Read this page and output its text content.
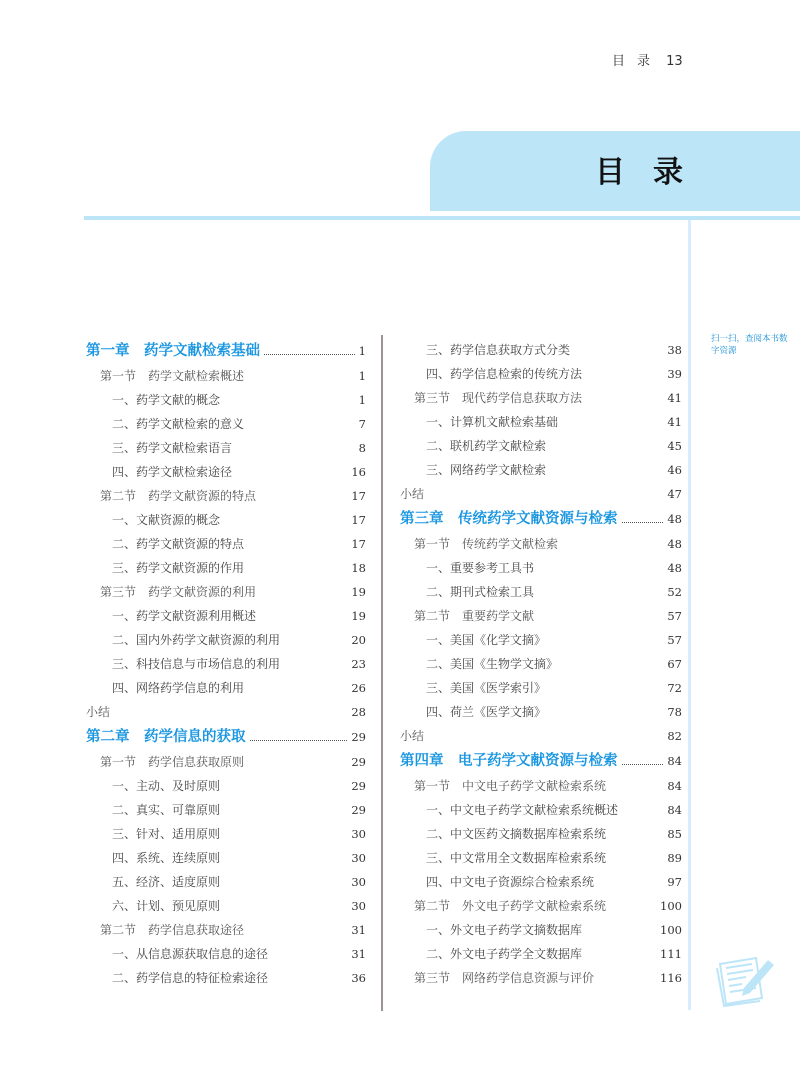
目录 13
目录
扫一扫，查阅本书数字资源
第一章　药学文献检索基础	1
第一节　药学文献检索概述	1
一、药学文献的概念	1
二、药学文献检索的意义	7
三、药学文献检索语言	8
四、药学文献检索途径	16
第二节　药学文献资源的特点	17
一、文献资源的概念	17
二、药学文献资源的特点	17
三、药学文献资源的作用	18
第三节　药学文献资源的利用	19
一、药学文献资源利用概述	19
二、国内外药学文献资源的利用	20
三、科技信息与市场信息的利用	23
四、网络药学信息的利用	26
小结	28
第二章　药学信息的获取	29
第一节　药学信息获取原则	29
一、主动、及时原则	29
二、真实、可靠原则	29
三、针对、适用原则	30
四、系统、连续原则	30
五、经济、适度原则	30
六、计划、预见原则	30
第二节　药学信息获取途径	31
一、从信息源获取信息的途径	31
二、药学信息的特征检索途径	36
三、药学信息获取方式分类	38
四、药学信息检索的传统方法	39
第三节　现代药学信息获取方法	41
一、计算机文献检索基础	41
二、联机药学文献检索	45
三、网络药学文献检索	46
小结	47
第三章　传统药学文献资源与检索	48
第一节　传统药学文献检索	48
一、重要参考工具书	48
二、期刊式检索工具	52
第二节　重要药学文献	57
一、美国《化学文摘》	57
二、美国《生物学文摘》	67
三、美国《医学索引》	72
四、荷兰《医学文摘》	78
小结	82
第四章　电子药学文献资源与检索	84
第一节　中文电子药学文献检索系统	84
一、中文电子药学文献检索系统概述	84
二、中文医药文摘数据库检索系统	85
三、中文常用全文数据库检索系统	89
四、中文电子资源综合检索系统	97
第二节　外文电子药学文献检索系统	100
一、外文电子药学文摘数据库	100
二、外文电子药学全文数据库	111
第三节　网络药学信息资源与评价	116
